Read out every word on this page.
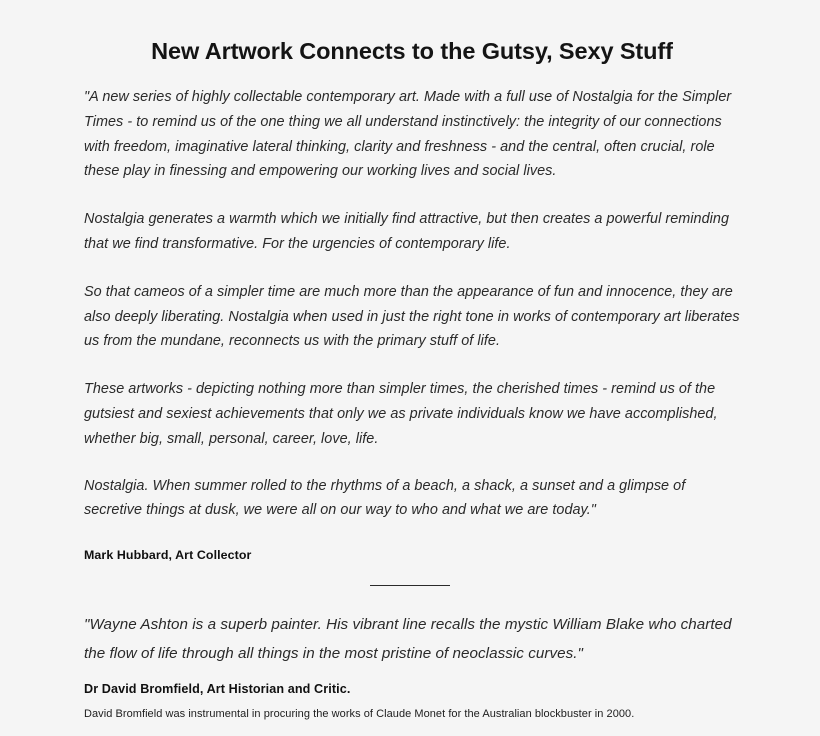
New Artwork Connects to the Gutsy, Sexy Stuff

"A new series of highly collectable contemporary art. Made with a full use of Nostalgia for the Simpler Times - to remind us of the one thing we all understand instinctively: the integrity of our connections with freedom, imaginative lateral thinking, clarity and freshness - and the central, often crucial, role these play in finessing and empowering our working lives and social lives.

Nostalgia generates a warmth which we initially find attractive, but then creates a powerful reminding that we find transformative. For the urgencies of contemporary life.

So that cameos of a simpler time are much more than the appearance of fun and innocence, they are also deeply liberating. Nostalgia when used in just the right tone in works of contemporary art liberates us from the mundane, reconnects us with the primary stuff of life.

These artworks - depicting nothing more than simpler times, the cherished times - remind us of the gutsiest and sexiest achievements that only we as private individuals know we have accomplished, whether big, small, personal, career, love, life.

Nostalgia. When summer rolled to the rhythms of a beach, a shack, a sunset and a glimpse of secretive things at dusk, we were all on our way to who and what we are today."

Mark Hubbard, Art Collector

"Wayne Ashton is a superb painter. His vibrant line recalls the mystic William Blake who charted the flow of life through all things in the most pristine of neoclassic curves."

Dr David Bromfield, Art Historian and Critic.

David Bromfield was instrumental in procuring the works of Claude Monet for the Australian blockbuster in 2000.
